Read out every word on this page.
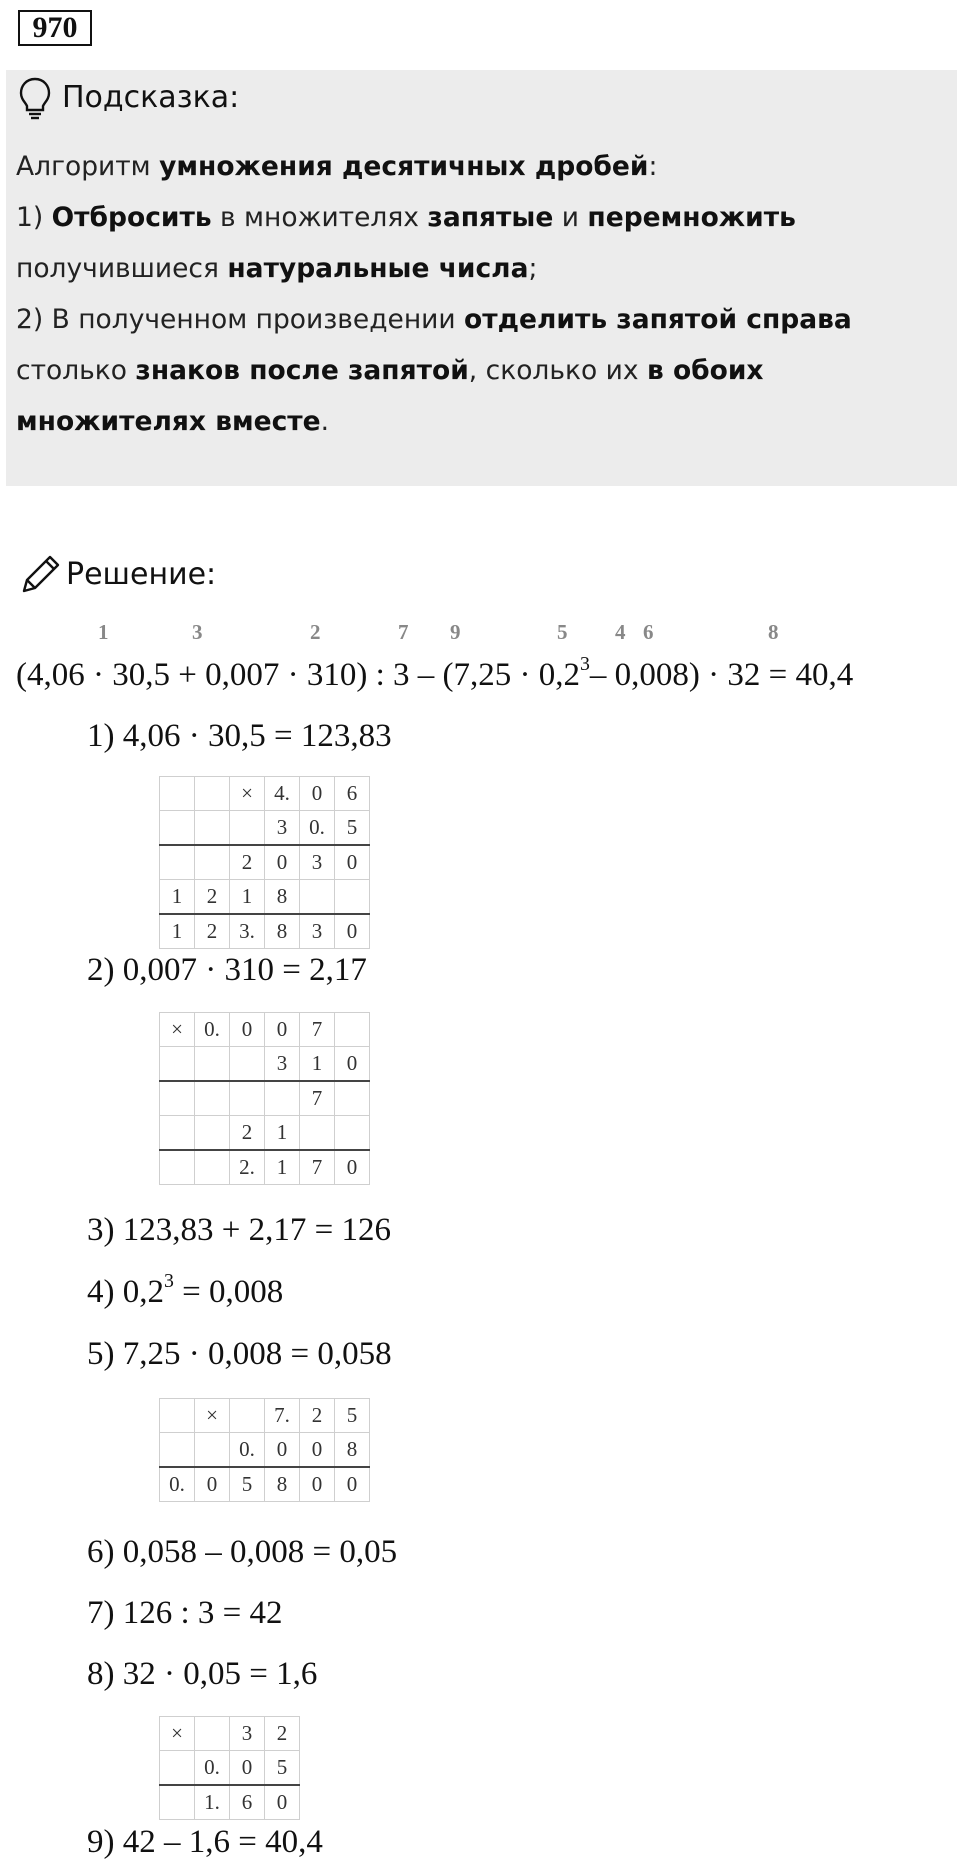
970
Подсказка:
Алгоритм умножения десятичных дробей:
1) Отбросить в множителях запятые и перемножить
получившиеся натуральные числа;
2) В полученном произведении отделить запятой справа
столько знаков после запятой, сколько их в обоих
множителях вместе.
Решение:
1	3	2	7 9	5 4 6	8
(4,06 · 30,5 + 0,007 · 310) : $3 - (7,25 \cdot 0,2^3-$ 0,008) · 32 = 40,4
1) 4,06 · 30,5 = 123,83
		×	4.	0	6
			3	0.	5
		2	0	3	0
1	2	1	8		
1	2	3.	8	3	0
2) 0,007 · 310 = 2,17
×	0.	0	0	7	
			3	1	0
				7	
		2	1		
		2.	1	7	0
3) 123,83 + 2,17 = 126
4) $0,2^3 = 0,008$
5) 7,25 · 0,008 = 0,058
	×		7.	2	5
		0.	0	0	8
0.	0	5	8	0	0
6) 0,058 – 0,008 = 0,05
7) 126 : 3 = 42
8) 32 · 0,05 = 1,6
×		3	2
	0.	0	5
	1.	6	0
9) 42 – 1,6 = 40,4
